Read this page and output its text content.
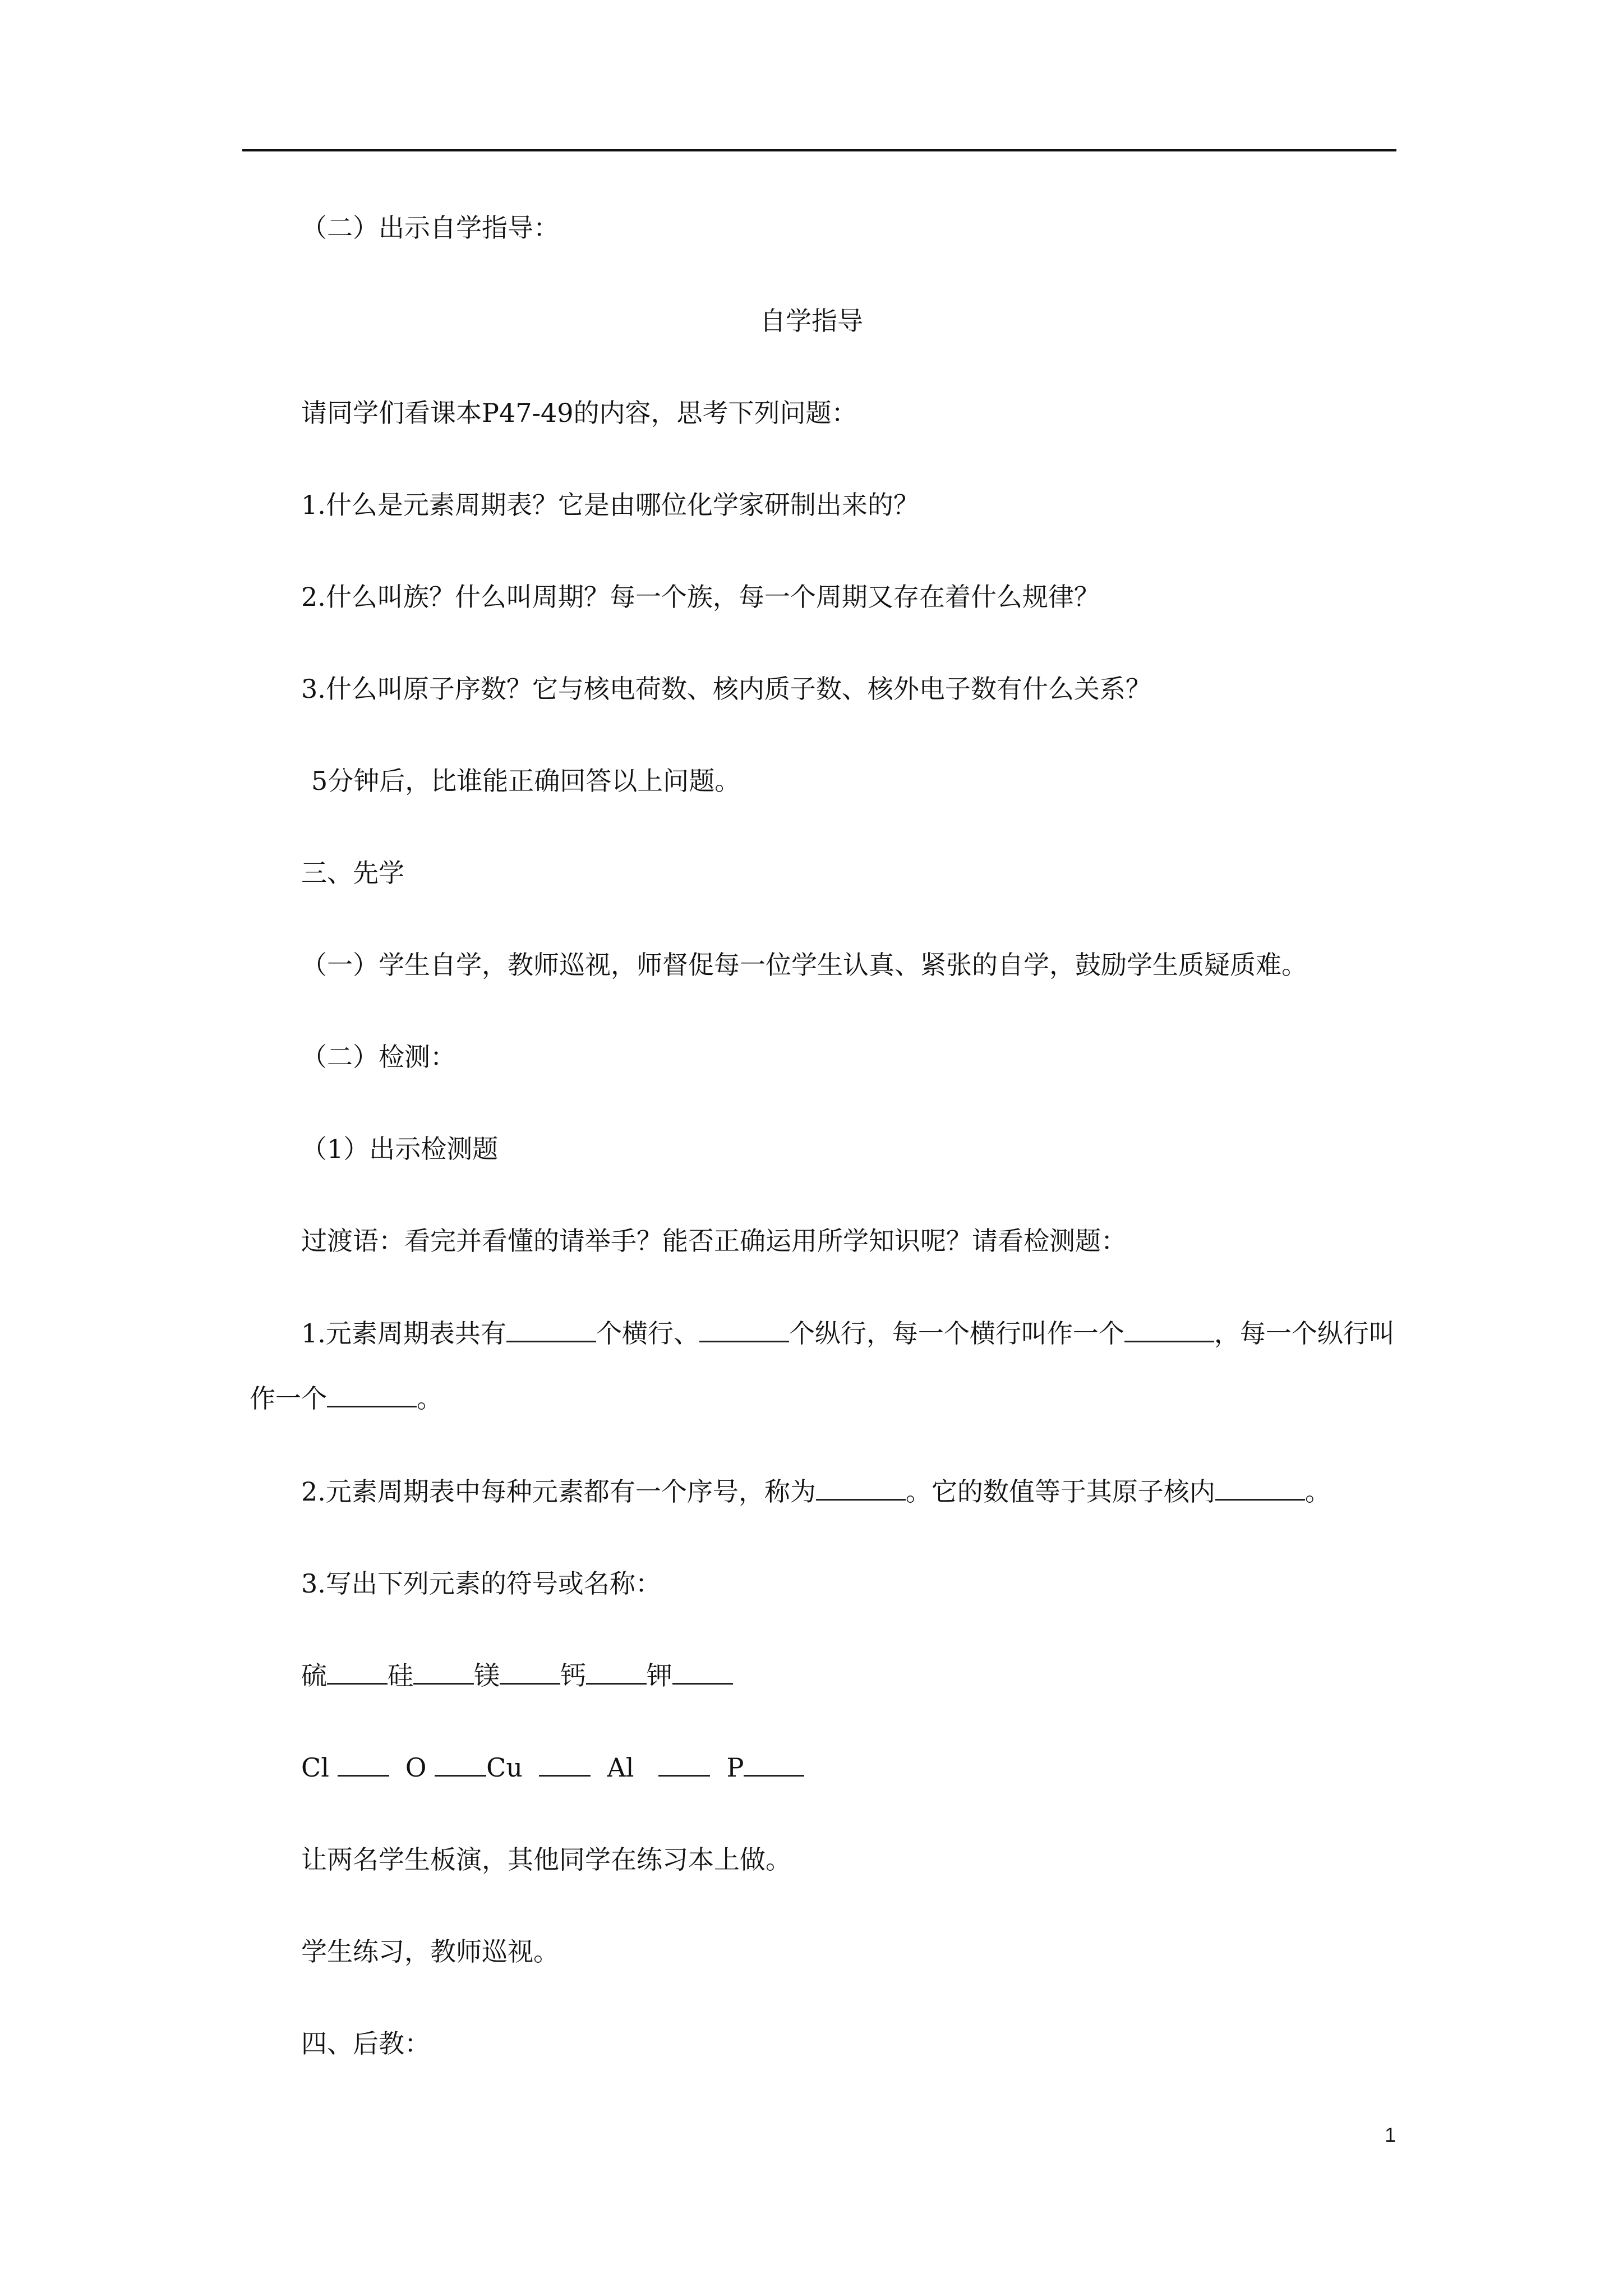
（二）出示自学指导：
自学指导
请同学们看课本P47-49的内容，思考下列问题：
1.什么是元素周期表？它是由哪位化学家研制出来的？
2.什么叫族？什么叫周期？每一个族，每一个周期又存在着什么规律？
3.什么叫原子序数？它与核电荷数、核内质子数、核外电子数有什么关系？
5分钟后，比谁能正确回答以上问题。
三、先学
（一）学生自学，教师巡视，师督促每一位学生认真、紧张的自学，鼓励学生质疑质难。
（二）检测：
（1）出示检测题
过渡语：看完并看懂的请举手？能否正确运用所学知识呢？请看检测题：
1.元素周期表共有	个横行、	个纵行，每一个横行叫作一个	，每一个纵行叫
作一个	。
2.元素周期表中每种元素都有一个序号，称为	。它的数值等于其原子核内	。
3.写出下列元素的符号或名称：
硫 硅 镁 钙 钾
Cl	O Cu	Al	P
让两名学生板演，其他同学在练习本上做。
学生练习，教师巡视。
四、后教：
1
